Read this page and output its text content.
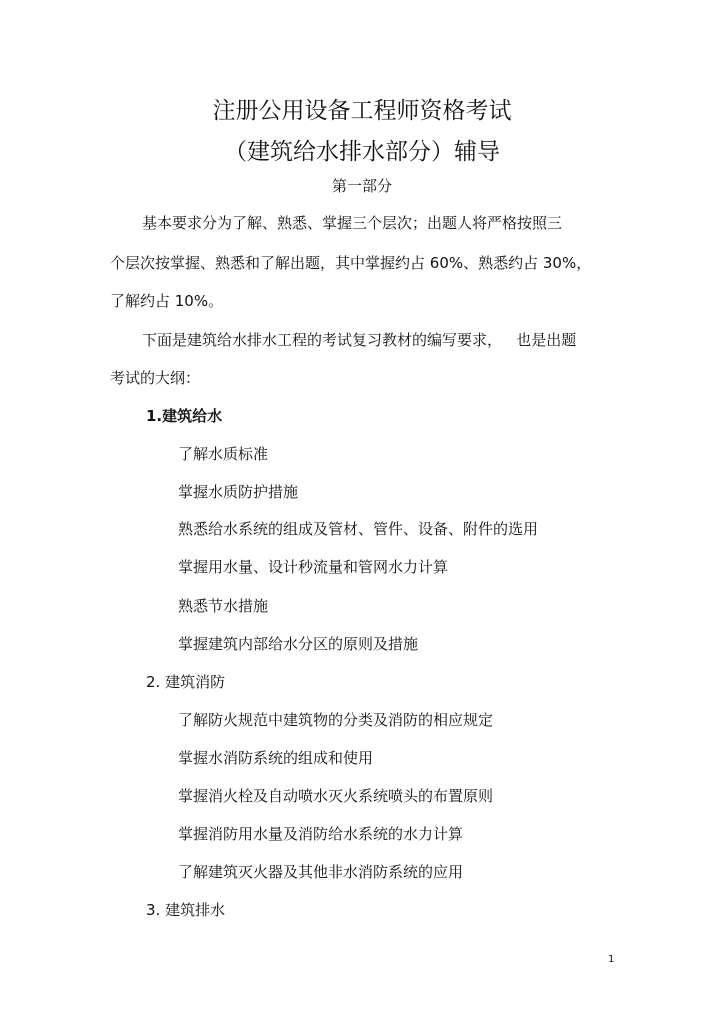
注册公用设备工程师资格考试
（建筑给水排水部分）辅导
第一部分
基本要求分为了解、熟悉、掌握三个层次；出题人将严格按照三
个层次按掌握、熟悉和了解出题，其中掌握约占 60%、熟悉约占 30%，
了解约占 10%。
下面是建筑给水排水工程的考试复习教材的编写要求，   也是出题
考试的大纲：
1.建筑给水
了解水质标准
掌握水质防护措施
熟悉给水系统的组成及管材、管件、设备、附件的选用
掌握用水量、设计秒流量和管网水力计算
熟悉节水措施
掌握建筑内部给水分区的原则及措施
2. 建筑消防
了解防火规范中建筑物的分类及消防的相应规定
掌握水消防系统的组成和使用
掌握消火栓及自动喷水灭火系统喷头的布置原则
掌握消防用水量及消防给水系统的水力计算
了解建筑灭火器及其他非水消防系统的应用
3. 建筑排水
1
